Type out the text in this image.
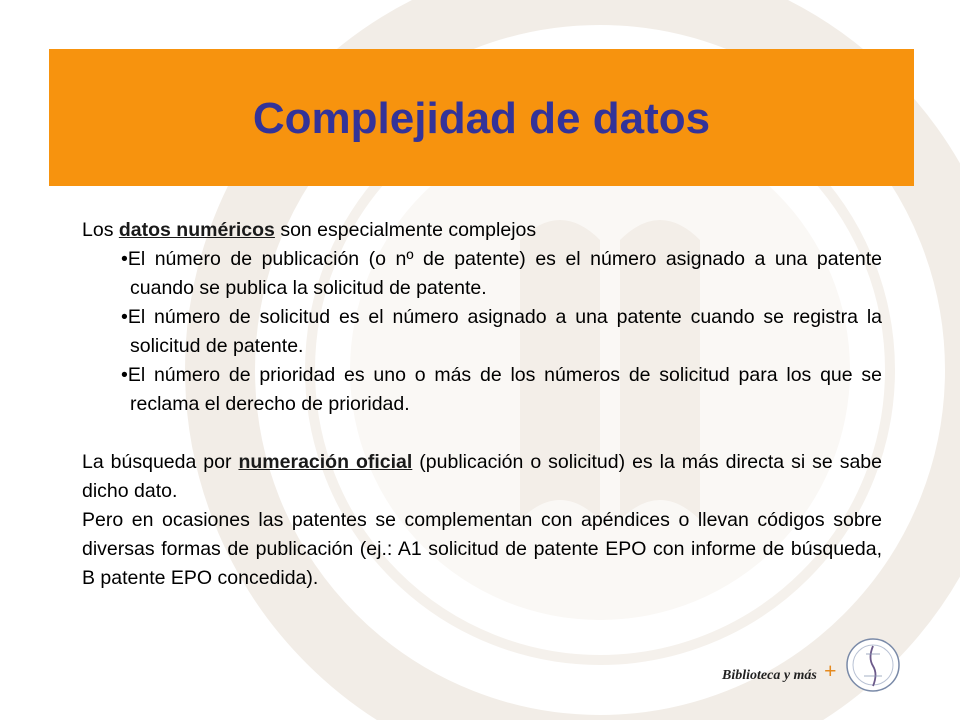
Complejidad de datos

Los datos numéricos son especialmente complejos

•El número de publicación (o nº de patente) es el número asignado a una patente cuando se publica la solicitud de patente.

•El número de solicitud es el número asignado a una patente cuando se registra la solicitud de patente.

•El número de prioridad es uno o más de los números de solicitud para los que se reclama el derecho de prioridad.

La búsqueda por numeración oficial (publicación o solicitud) es la más directa si se sabe dicho dato.

Pero en ocasiones las patentes se complementan con apéndices o llevan códigos sobre diversas formas de publicación (ej.: A1 solicitud de patente EPO con informe de búsqueda, B patente EPO concedida).

Biblioteca y más +
